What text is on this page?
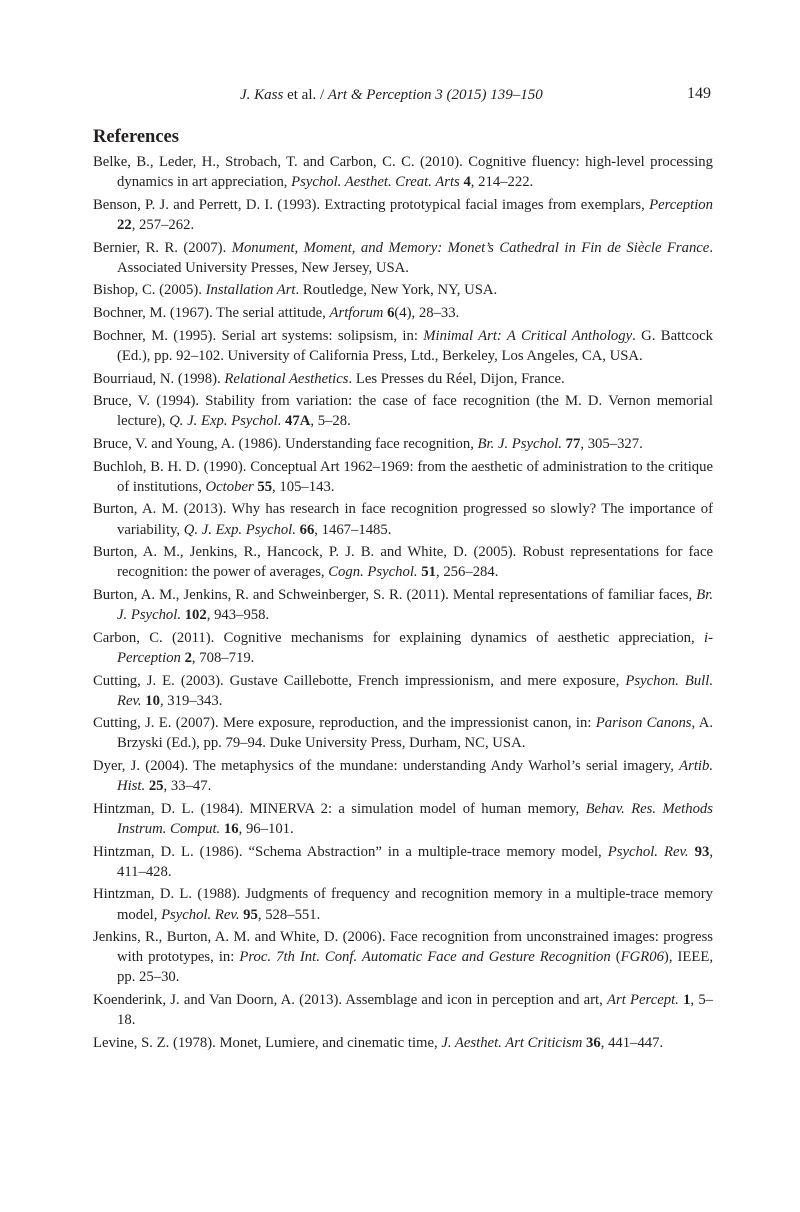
J. Kass et al. / Art & Perception 3 (2015) 139–150	149
References
Belke, B., Leder, H., Strobach, T. and Carbon, C. C. (2010). Cognitive fluency: high-level processing dynamics in art appreciation, Psychol. Aesthet. Creat. Arts 4, 214–222.
Benson, P. J. and Perrett, D. I. (1993). Extracting prototypical facial images from exemplars, Perception 22, 257–262.
Bernier, R. R. (2007). Monument, Moment, and Memory: Monet’s Cathedral in Fin de Siècle France. Associated University Presses, New Jersey, USA.
Bishop, C. (2005). Installation Art. Routledge, New York, NY, USA.
Bochner, M. (1967). The serial attitude, Artforum 6(4), 28–33.
Bochner, M. (1995). Serial art systems: solipsism, in: Minimal Art: A Critical Anthology. G. Battcock (Ed.), pp. 92–102. University of California Press, Ltd., Berkeley, Los Angeles, CA, USA.
Bourriaud, N. (1998). Relational Aesthetics. Les Presses du Réel, Dijon, France.
Bruce, V. (1994). Stability from variation: the case of face recognition (the M. D. Vernon memorial lecture), Q. J. Exp. Psychol. 47A, 5–28.
Bruce, V. and Young, A. (1986). Understanding face recognition, Br. J. Psychol. 77, 305–327.
Buchloh, B. H. D. (1990). Conceptual Art 1962–1969: from the aesthetic of administration to the critique of institutions, October 55, 105–143.
Burton, A. M. (2013). Why has research in face recognition progressed so slowly? The importance of variability, Q. J. Exp. Psychol. 66, 1467–1485.
Burton, A. M., Jenkins, R., Hancock, P. J. B. and White, D. (2005). Robust representations for face recognition: the power of averages, Cogn. Psychol. 51, 256–284.
Burton, A. M., Jenkins, R. and Schweinberger, S. R. (2011). Mental representations of familiar faces, Br. J. Psychol. 102, 943–958.
Carbon, C. (2011). Cognitive mechanisms for explaining dynamics of aesthetic appreciation, i-Perception 2, 708–719.
Cutting, J. E. (2003). Gustave Caillebotte, French impressionism, and mere exposure, Psychon. Bull. Rev. 10, 319–343.
Cutting, J. E. (2007). Mere exposure, reproduction, and the impressionist canon, in: Parison Canons, A. Brzyski (Ed.), pp. 79–94. Duke University Press, Durham, NC, USA.
Dyer, J. (2004). The metaphysics of the mundane: understanding Andy Warhol’s serial imagery, Artib. Hist. 25, 33–47.
Hintzman, D. L. (1984). MINERVA 2: a simulation model of human memory, Behav. Res. Methods Instrum. Comput. 16, 96–101.
Hintzman, D. L. (1986). “Schema Abstraction” in a multiple-trace memory model, Psychol. Rev. 93, 411–428.
Hintzman, D. L. (1988). Judgments of frequency and recognition memory in a multiple-trace memory model, Psychol. Rev. 95, 528–551.
Jenkins, R., Burton, A. M. and White, D. (2006). Face recognition from unconstrained images: progress with prototypes, in: Proc. 7th Int. Conf. Automatic Face and Gesture Recognition (FGR06), IEEE, pp. 25–30.
Koenderink, J. and Van Doorn, A. (2013). Assemblage and icon in perception and art, Art Percept. 1, 5–18.
Levine, S. Z. (1978). Monet, Lumiere, and cinematic time, J. Aesthet. Art Criticism 36, 441–447.
